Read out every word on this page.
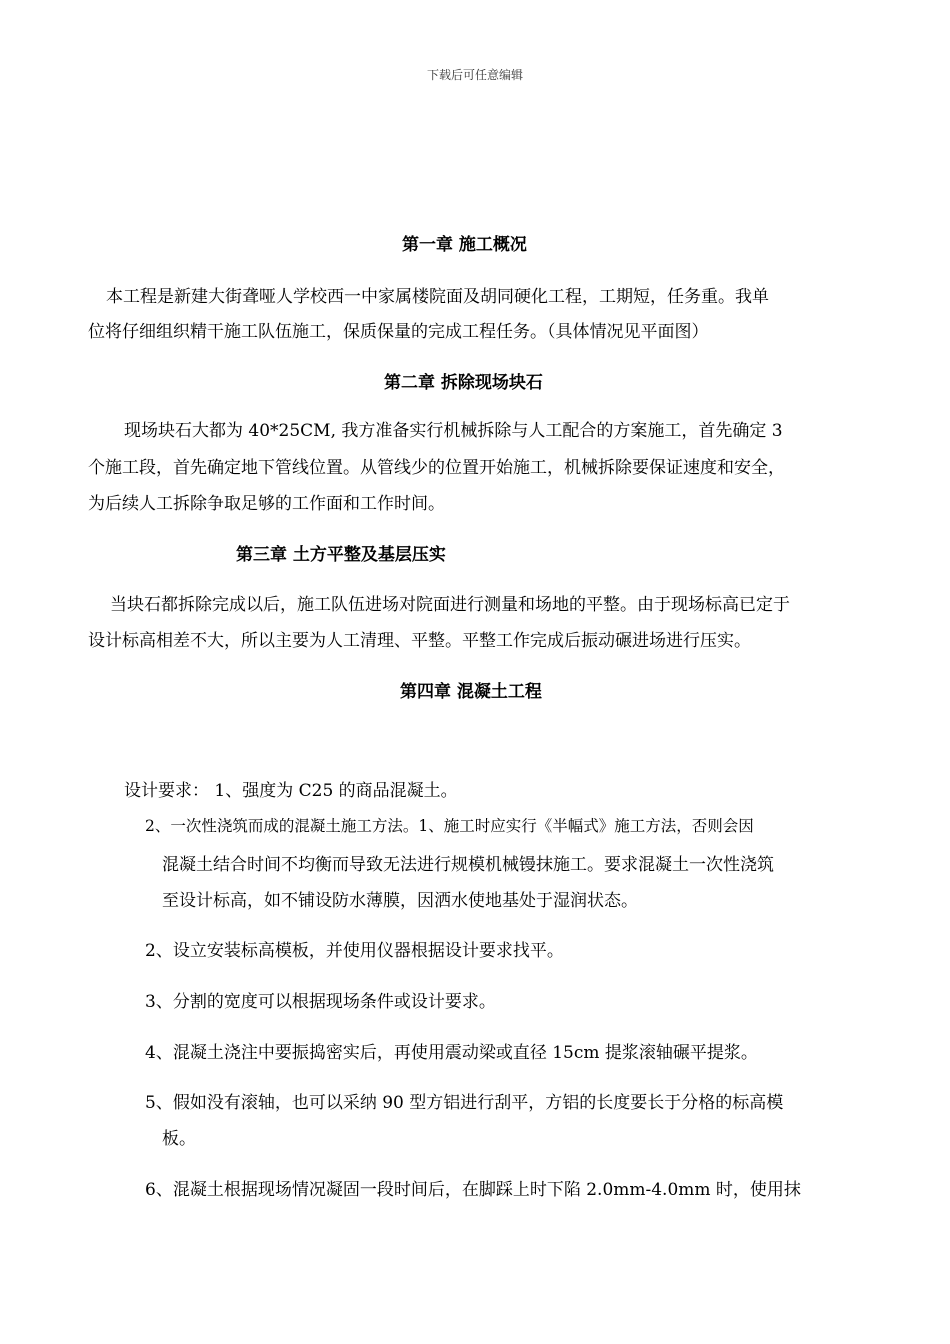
下载后可任意编辑
第一章 施工概况
本工程是新建大街聋哑人学校西一中家属楼院面及胡同硬化工程，工期短，任务重。我单
位将仔细组织精干施工队伍施工，保质保量的完成工程任务。（具体情况见平面图）
第二章 拆除现场块石
现场块石大都为 40*25CM, 我方准备实行机械拆除与人工配合的方案施工，首先确定 3
个施工段，首先确定地下管线位置。从管线少的位置开始施工，机械拆除要保证速度和安全，
为后续人工拆除争取足够的工作面和工作时间。
第三章 土方平整及基层压实
当块石都拆除完成以后，施工队伍进场对院面进行测量和场地的平整。由于现场标高已定于
设计标高相差不大，所以主要为人工清理、平整。平整工作完成后振动碾进场进行压实。
第四章 混凝土工程
设计要求： 1、强度为 C25 的商品混凝土。
2、一次性浇筑而成的混凝土施工方法。1、施工时应实行《半幅式》施工方法，否则会因
混凝土结合时间不均衡而导致无法进行规模机械镘抹施工。要求混凝土一次性浇筑
至设计标高，如不铺设防水薄膜，因洒水使地基处于湿润状态。
2、设立安装标高模板，并使用仪器根据设计要求找平。
3、分割的宽度可以根据现场条件或设计要求。
4、混凝土浇注中要振捣密实后，再使用震动梁或直径 15cm 提浆滚轴碾平提浆。
5、假如没有滚轴，也可以采纳 90 型方铝进行刮平，方铝的长度要长于分格的标高模
板。
6、混凝土根据现场情况凝固一段时间后，在脚踩上时下陷 2.0mm-4.0mm 时，使用抹
